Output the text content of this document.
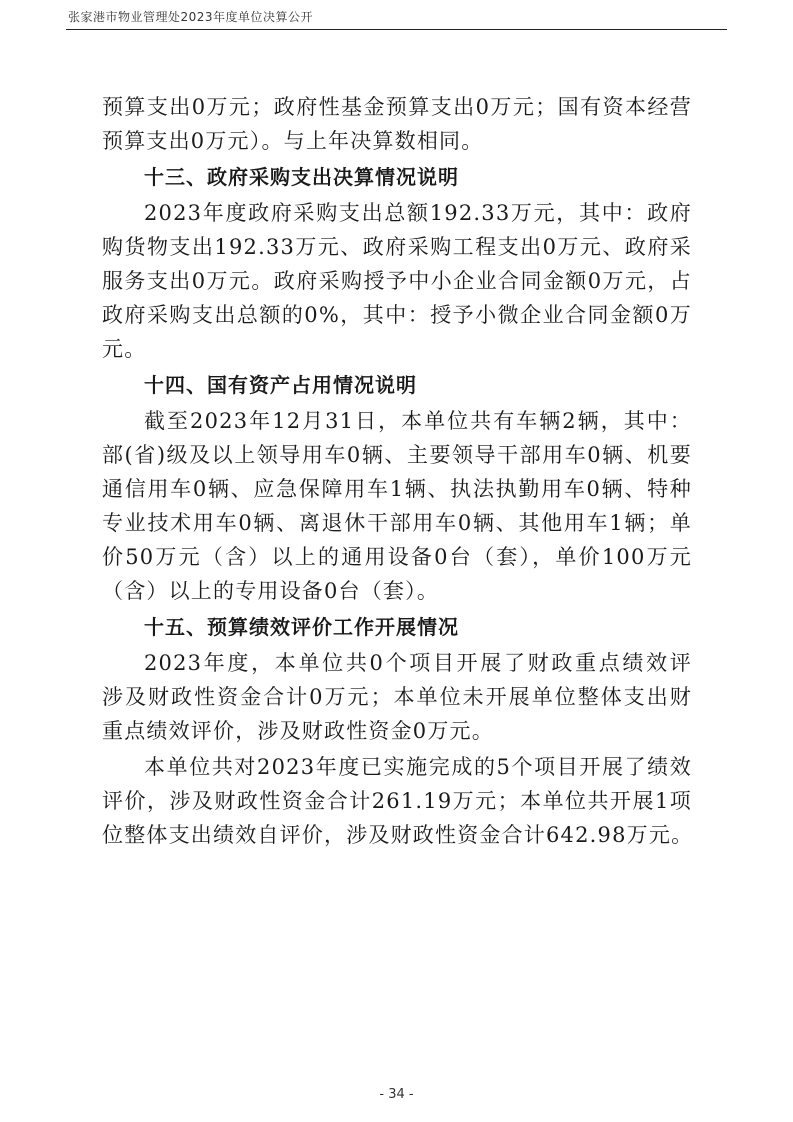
张家港市物业管理处2023年度单位决算公开
预算支出0万元；政府性基金预算支出0万元；国有资本经营
预算支出0万元）。与上年决算数相同。
十三、政府采购支出决算情况说明
2023年度政府采购支出总额192.33万元，其中：政府
购货物支出192.33万元、政府采购工程支出0万元、政府采
服务支出0万元。政府采购授予中小企业合同金额0万元，占
政府采购支出总额的0%，其中：授予小微企业合同金额0万
元。
十四、国有资产占用情况说明
截至2023年12月31日，本单位共有车辆2辆，其中：
部(省)级及以上领导用车0辆、主要领导干部用车0辆、机要
通信用车0辆、应急保障用车1辆、执法执勤用车0辆、特种
专业技术用车0辆、离退休干部用车0辆、其他用车1辆；单
价50万元（含）以上的通用设备0台（套），单价100万元
（含）以上的专用设备0台（套）。
十五、预算绩效评价工作开展情况
2023年度，本单位共0个项目开展了财政重点绩效评
涉及财政性资金合计0万元；本单位未开展单位整体支出财
重点绩效评价，涉及财政性资金0万元。
本单位共对2023年度已实施完成的5个项目开展了绩效
评价，涉及财政性资金合计261.19万元；本单位共开展1项
位整体支出绩效自评价，涉及财政性资金合计642.98万元。
- 34 -
